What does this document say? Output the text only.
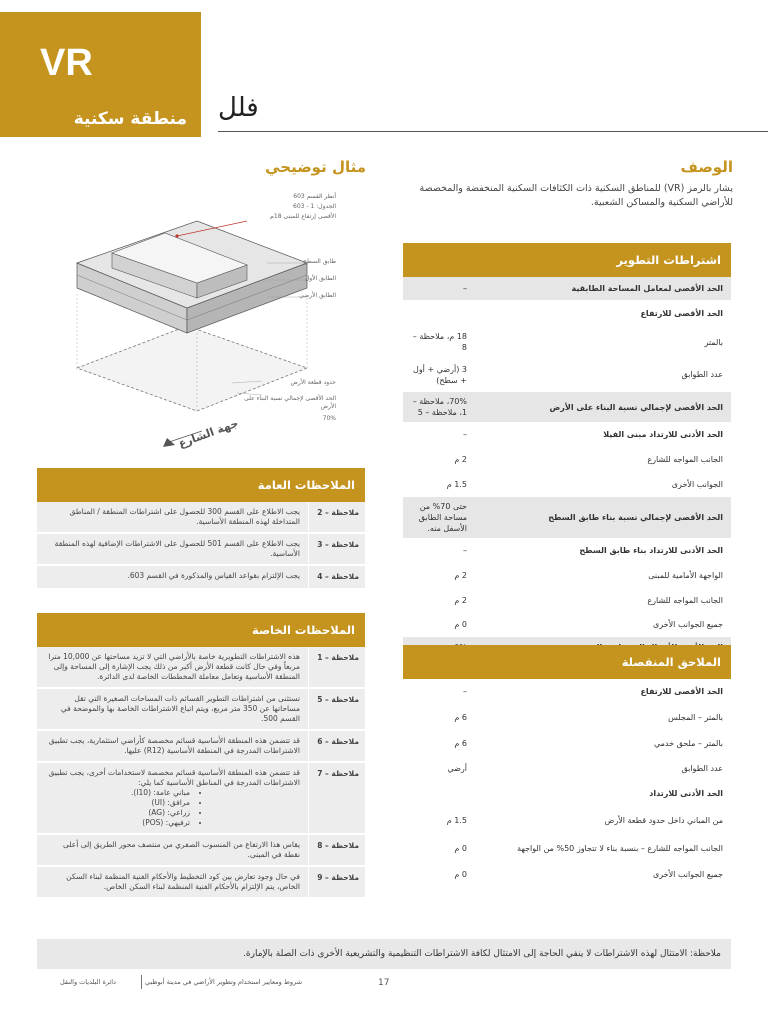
VR
منطقة سكنية فلل
الوصف
يشار بالرمز (VR) للمناطق السكنية ذات الكثافات السكنية المنخفضة والمخصصة للأراضي السكنية والمساكن الشعبية.
مثال توضيحي
أنظر القسم 603
الجدول: 1 - 603
الأقصى إرتفاع للمبنى 18م
طابق السطح
الطابق الأول
الطابق الأرضي
حدود قطعة الأرض
الحد الأقصى لإجمالي نسبة البناء على الأرض
70%
جهة الشارع
اشتراطات التطوير
الحد الأقصى لمعامل المساحة الطابقية
–
الحد الأقصى للارتفاع
بالمتر
18 م، ملاحظة – 8
عدد الطوابق
3 (أرضي + أول + سطح)
الحد الأقصى لإجمالي نسبة البناء على الأرض
70%، ملاحظة – 1، ملاحظة – 5
الحد الأدنى للارتداد مبنى الفيلا
–
الجانب المواجه للشارع
2 م
الجوانب الأخرى
1.5 م
الحد الأقصى لإجمالي نسبة بناء طابق السطح
حتى 70% من مساحة الطابق الأسفل منه.
الحد الأدنى للارتداد بناء طابق السطح
–
الواجهة الأمامية للمبنى
2 م
الجانب المواجه للشارع
2 م
جميع الجوانب الأخرى
0 م
الملاحق المنفصلة
الحد الأقصى للارتفاع
–
بالمتر – المجلس
6 م
بالمتر – ملحق خدمي
6 م
عدد الطوابق
أرضي
الحد الأدنى للارتداد
من المباني داخل حدود قطعة الأرض
1.5 م
الجانب المواجه للشارع – بنسبة بناء لا تتجاوز 50% من الواجهة
0 م
جميع الجوانب الأخرى
0 م
الملاحظات العامة
ملاحظة – 2
يجب الاطلاع على القسم 300 للحصول على اشتراطات المنطقة / المناطق المتداخلة لهذه المنطقة الأساسية.
ملاحظة – 3
يجب الاطلاع على القسم 501 للحصول على الاشتراطات الإضافية لهذه المنطقة الأساسية.
ملاحظة – 4
يجب الإلتزام بقواعد القياس والمذكورة في القسم 603.
الملاحظات الخاصة
ملاحظة – 1
هذه الاشتراطات التطويرية خاصة بالأراضي التي لا تزيد مساحتها عن 10,000 مترا مربعاً وفي حال كانت قطعة الأرض أكبر من ذلك يجب الإشارة إلى المساحة وإلى المنطقة الأساسية وتعامل معاملة المخططات الخاصة لدى الدائرة.
ملاحظة – 5
تستثنى من اشتراطات التطوير القسائم ذات المساحات الصغيرة التي تقل مساحاتها عن 350 متر مربع، ويتم اتباع الاشتراطات الخاصة بها والموضحة في القسم 500.
ملاحظة – 6
قد تتضمن هذه المنطقة الأساسية قسائم مخصصة كأراضي استثمارية، يجب تطبيق الاشتراطات المدرجة في المنطقة الأساسية (R12) عليها.
ملاحظة – 7
قد تتضمن هذه المنطقة الأساسية قسائم مخصصة لاستخدامات أخرى، يجب تطبيق الاشتراطات المدرجة في المناطق الأساسية كما يلي:
• مباني عامة: (I10).
• مرافق: (UI)
• زراعي: (AG)
• ترفيهي: (POS)
ملاحظة – 8
يقاس هذا الارتفاع من المنسوب الصفري من منتصف محور الطريق إلى أعلى نقطة في المبنى.
ملاحظة – 9
في حال وجود تعارض بين كود التخطيط والأحكام الفنية المنظمة لبناء السكن الخاص، يتم الإلتزام بالأحكام الفنية المنظمة لبناء السكن الخاص.
ملاحظة: الامتثال لهذه الاشتراطات لا ينفي الحاجة إلى الامتثال لكافة الاشتراطات التنظيمية والتشريعية الأخرى ذات الصلة بالإمارة.
17
شروط ومعايير استخدام وتطوير الأراضي في مدينة أبوظبي
دائرة البلديات والنقل
